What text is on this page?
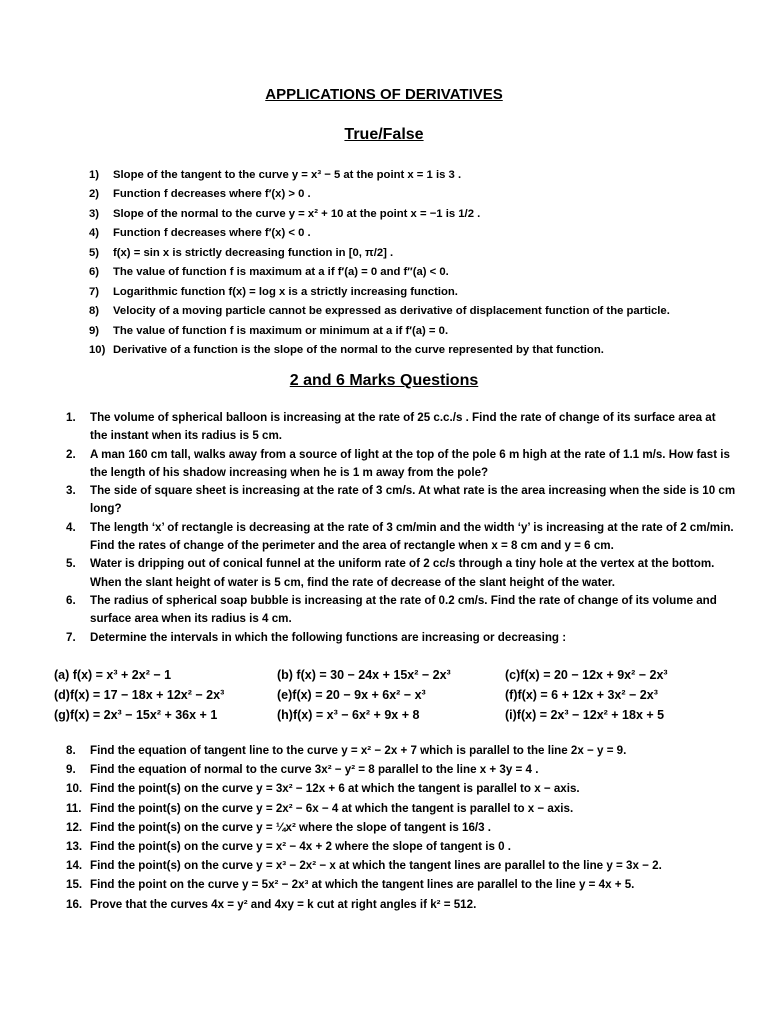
APPLICATIONS OF DERIVATIVES
True/False
1)	Slope of the tangent to the curve y = x³ − 5 at the point x = 1 is 3 .
2)	Function f decreases where f′(x) > 0 .
3)	Slope of the normal to the curve y = x² + 10 at the point x = −1 is 1/2 .
4)	Function f decreases where f′(x) < 0 .
5)	f(x) = sin x is strictly decreasing function in [0, π/2] .
6)	The value of function f is maximum at a if f′(a) = 0 and f″(a) < 0.
7)	Logarithmic function f(x) = log x is a strictly increasing function.
8)	Velocity of a moving particle cannot be expressed as derivative of displacement function of the particle.
9)	The value of function f is maximum or minimum at a if f′(a) = 0.
10) Derivative of a function is the slope of the normal to the curve represented by that function.
2 and 6 Marks Questions
1.	The volume of spherical balloon is increasing at the rate of 25 c.c./s . Find the rate of change of its surface area at the instant when its radius is 5 cm.
2.	A man 160 cm tall, walks away from a source of light at the top of the pole 6 m high at the rate of 1.1 m/s. How fast is the length of his shadow increasing when he is 1 m away from the pole?
3.	The side of square sheet is increasing at the rate of 3 cm/s. At what rate is the area increasing when the side is 10 cm long?
4.	The length ‘x’ of rectangle is decreasing at the rate of 3 cm/min and the width ‘y’ is increasing at the rate of 2 cm/min. Find the rates of change of the perimeter and the area of rectangle when x = 8 cm and y = 6 cm.
5.	Water is dripping out of conical funnel at the uniform rate of 2 cc/s through a tiny hole at the vertex at the bottom. When the slant height of water is 5 cm, find the rate of decrease of the slant height of the water.
6.	The radius of spherical soap bubble is increasing at the rate of 0.2 cm/s. Find the rate of change of its volume and surface area when its radius is 4 cm.
7.	Determine the intervals in which the following functions are increasing or decreasing :
(a) f(x) = x³ + 2x² − 1	(b) f(x) = 30 − 24x + 15x² − 2x³	(c)f(x) = 20 − 12x + 9x² − 2x³
(d)f(x) = 17 − 18x + 12x² − 2x³	(e)f(x) = 20 − 9x + 6x² − x³	(f)f(x) = 6 + 12x + 3x² − 2x³
(g)f(x) = 2x³ − 15x² + 36x + 1	(h)f(x) = x³ − 6x² + 9x + 8	(i)f(x) = 2x³ − 12x² + 18x + 5
8.	Find the equation of tangent line to the curve y = x² − 2x + 7 which is parallel to the line 2x − y = 9.
9.	Find the equation of normal to the curve 3x² − y² = 8 parallel to the line x + 3y = 4 .
10. Find the point(s) on the curve y = 3x² − 12x + 6 at which the tangent is parallel to x − axis.
11. Find the point(s) on the curve y = 2x² − 6x − 4 at which the tangent is parallel to x − axis.
12. Find the point(s) on the curve y = ¼x² where the slope of tangent is 16/3 .
13. Find the point(s) on the curve y = x² − 4x + 2 where the slope of tangent is 0 .
14. Find the point(s) on the curve y = x³ − 2x² − x at which the tangent lines are parallel to the line y = 3x − 2.
15. Find the point on the curve y = 5x² − 2x³ at which the tangent lines are parallel to the line y = 4x + 5.
16. Prove that the curves 4x = y² and 4xy = k cut at right angles if k² = 512.
